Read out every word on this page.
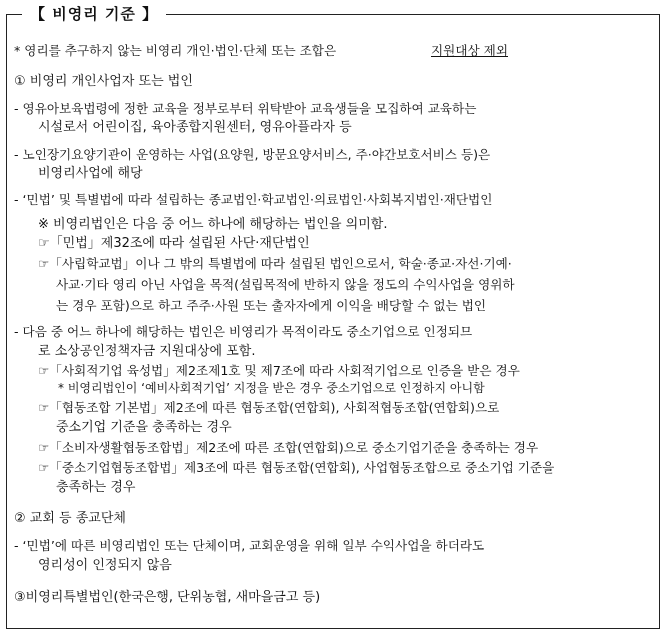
【 비영리 기준 】
* 영리를 추구하지 않는 비영리 개인·법인·단체 또는 조합은	지원대상 제외
① 비영리 개인사업자 또는 법인
- 영유아보육법령에 정한 교육을 정부로부터 위탁받아 교육생들을 모집하여 교육하는
시설로서 어린이집, 육아종합지원센터, 영유아플라자 등
- 노인장기요양기관이 운영하는 사업(요양원, 방문요양서비스, 주·야간보호서비스 등)은
비영리사업에 해당
- ‘민법’ 및 특별법에 따라 설립하는 종교법인·학교법인·의료법인·사회복지법인·재단법인
※ 비영리법인은 다음 중 어느 하나에 해당하는 법인을 의미함.
☞「민법」제32조에 따라 설립된 사단·재단법인
☞「사립학교법」이나 그 밖의 특별법에 따라 설립된 법인으로서, 학술·종교·자선·기예·
사교·기타 영리 아닌 사업을 목적(설립목적에 반하지 않을 정도의 수익사업을 영위하
는 경우 포함)으로 하고 주주·사원 또는 출자자에게 이익을 배당할 수 없는 법인
- 다음 중 어느 하나에 해당하는 법인은 비영리가 목적이라도 중소기업으로 인정되므
로 소상공인정책자금 지원대상에 포함.
☞「사회적기업 육성법」제2조제1호 및 제7조에 따라 사회적기업으로 인증을 받은 경우
* 비영리법인이 ‘예비사회적기업’ 지정을 받은 경우 중소기업으로 인정하지 아니함
☞「협동조합 기본법」제2조에 따른 협동조합(연합회), 사회적협동조합(연합회)으로
중소기업 기준을 충족하는 경우
☞「소비자생활협동조합법」제2조에 따른 조합(연합회)으로 중소기업기준을 충족하는 경우
☞「중소기업협동조합법」제3조에 따른 협동조합(연합회), 사업협동조합으로 중소기업 기준을
충족하는 경우
② 교회 등 종교단체
- ‘민법’에 따른 비영리법인 또는 단체이며, 교회운영을 위해 일부 수익사업을 하더라도
영리성이 인정되지 않음
③비영리특별법인(한국은행, 단위농협, 새마을금고 등)
